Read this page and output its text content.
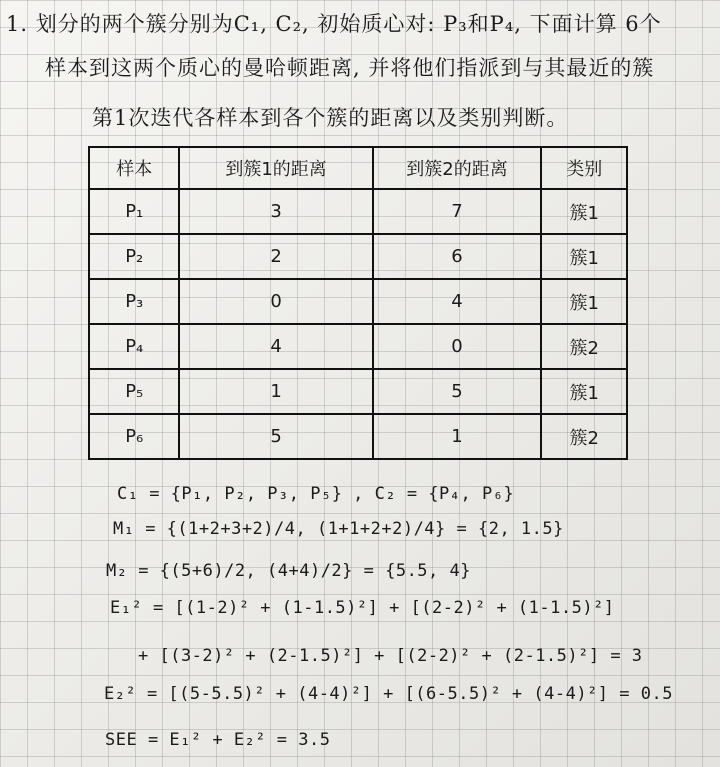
1. 划分的两个簇分别为C₁, C₂, 初始质心对: P₃和P₄, 下面计算 6个
样本到这两个质心的曼哈顿距离, 并将他们指派到与其最近的簇
第1次迭代各样本到各个簇的距离以及类别判断。
样本	到簇1的距离	到簇2的距离	类别
P₁	3	7	簇1
P₂	2	6	簇1
P₃	0	4	簇1
P₄	4	0	簇2
P₅	1	5	簇1
P₆	5	1	簇2
C₁ = {P₁, P₂, P₃, P₅} , C₂ = {P₄, P₆}
M₁ = {(1+2+3+2)/4, (1+1+2+2)/4} = {2, 1.5}
M₂ = {(5+6)/2, (4+4)/2} = {5.5, 4}
E₁² = [(1-2)² + (1-1.5)²] + [(2-2)² + (1-1.5)²]
+ [(3-2)² + (2-1.5)²] + [(2-2)² + (2-1.5)²] = 3
E₂² = [(5-5.5)² + (4-4)²] + [(6-5.5)² + (4-4)²] = 0.5
SEE = E₁² + E₂² = 3.5
